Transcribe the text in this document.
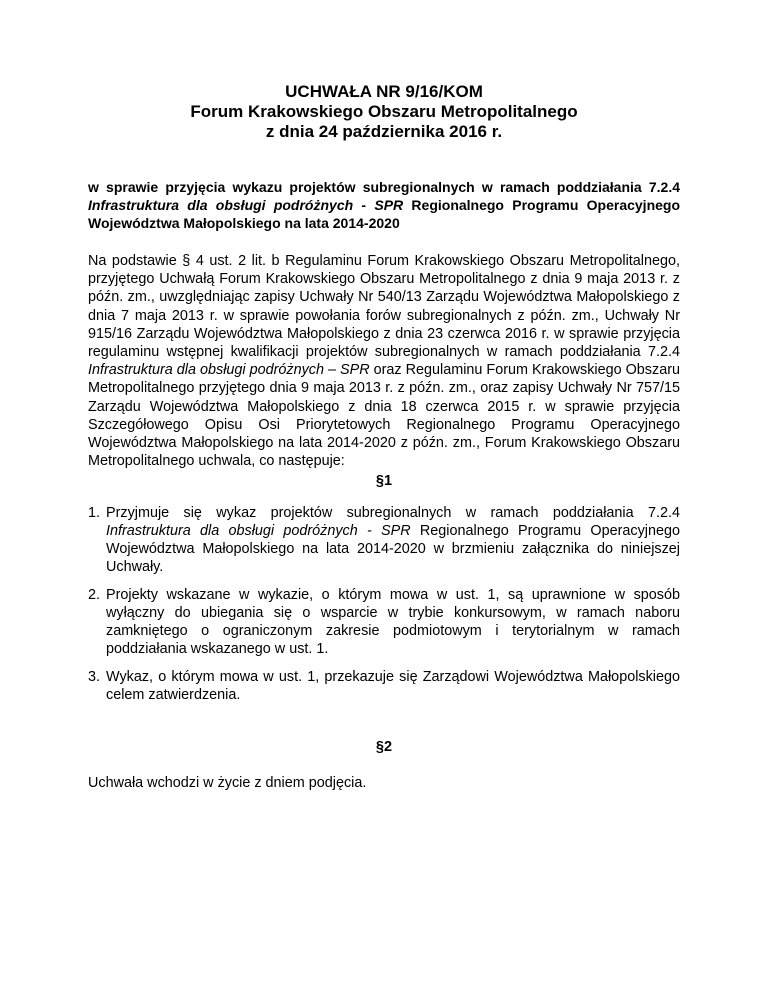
UCHWAŁA NR 9/16/KOM
Forum Krakowskiego Obszaru Metropolitalnego
z dnia 24 października 2016 r.
w sprawie przyjęcia wykazu projektów subregionalnych w ramach poddziałania 7.2.4 Infrastruktura dla obsługi podróżnych - SPR Regionalnego Programu Operacyjnego Województwa Małopolskiego na lata 2014-2020
Na podstawie § 4 ust. 2 lit. b Regulaminu Forum Krakowskiego Obszaru Metropolitalnego, przyjętego Uchwałą Forum Krakowskiego Obszaru Metropolitalnego z dnia 9 maja 2013 r. z późn. zm., uwzględniając zapisy Uchwały Nr 540/13 Zarządu Województwa Małopolskiego z dnia 7 maja 2013 r. w sprawie powołania forów subregionalnych z późn. zm., Uchwały Nr 915/16 Zarządu Województwa Małopolskiego z dnia 23 czerwca 2016 r. w sprawie przyjęcia regulaminu wstępnej kwalifikacji projektów subregionalnych w ramach poddziałania 7.2.4 Infrastruktura dla obsługi podróżnych – SPR oraz Regulaminu Forum Krakowskiego Obszaru Metropolitalnego przyjętego dnia 9 maja 2013 r. z późn. zm., oraz zapisy Uchwały Nr 757/15 Zarządu Województwa Małopolskiego z dnia 18 czerwca 2015 r. w sprawie przyjęcia Szczegółowego Opisu Osi Priorytetowych Regionalnego Programu Operacyjnego Województwa Małopolskiego na lata 2014-2020 z późn. zm., Forum Krakowskiego Obszaru Metropolitalnego uchwala, co następuje:
§1
1. Przyjmuje się wykaz projektów subregionalnych w ramach poddziałania 7.2.4 Infrastruktura dla obsługi podróżnych - SPR Regionalnego Programu Operacyjnego Województwa Małopolskiego na lata 2014-2020 w brzmieniu załącznika do niniejszej Uchwały.
2. Projekty wskazane w wykazie, o którym mowa w ust. 1, są uprawnione w sposób wyłączny do ubiegania się o wsparcie w trybie konkursowym, w ramach naboru zamkniętego o ograniczonym zakresie podmiotowym i terytorialnym w ramach poddziałania wskazanego w ust. 1.
3. Wykaz, o którym mowa w ust. 1, przekazuje się Zarządowi Województwa Małopolskiego celem zatwierdzenia.
§2
Uchwała wchodzi w życie z dniem podjęcia.
